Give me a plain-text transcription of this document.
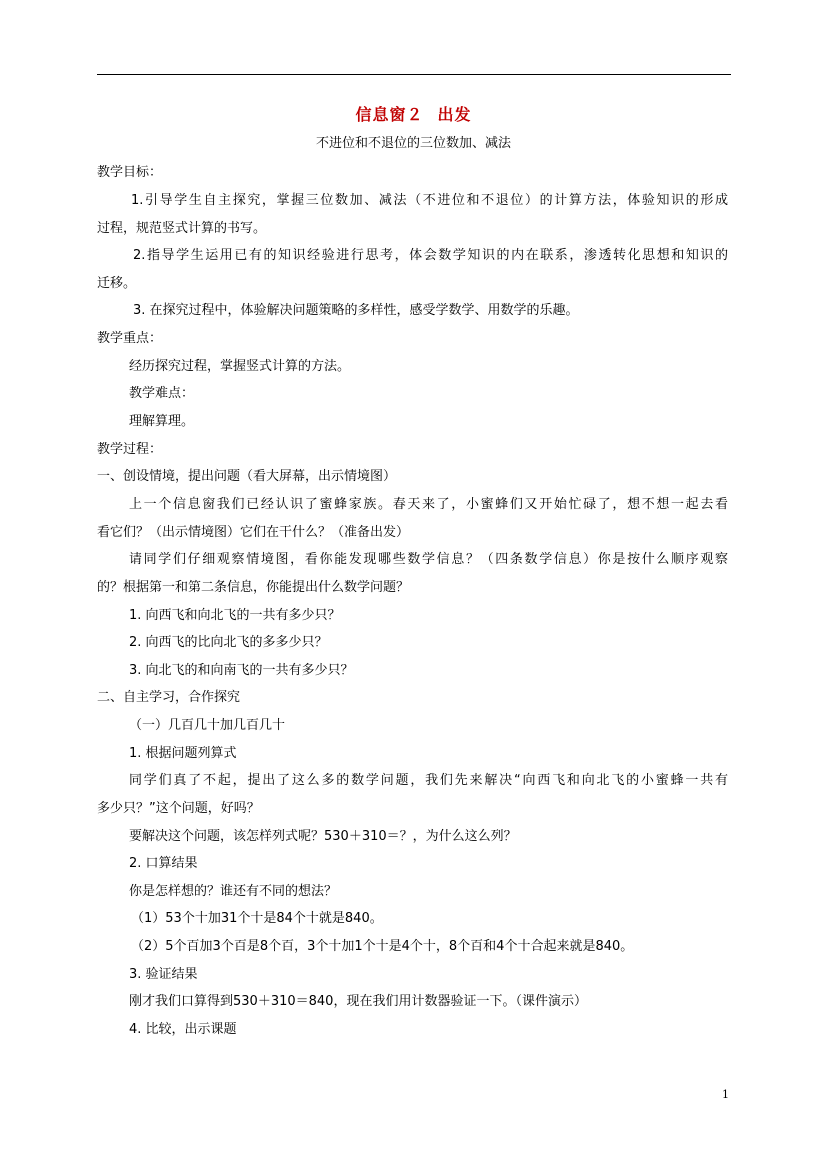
信息窗２ 出发
不进位和不退位的三位数加、减法
教学目标：
1.引导学生自主探究，掌握三位数加、减法（不进位和不退位）的计算方法，体验知识的形成
过程，规范竖式计算的书写。
2.指导学生运用已有的知识经验进行思考，体会数学知识的内在联系，渗透转化思想和知识的
迁移。
3. 在探究过程中，体验解决问题策略的多样性，感受学数学、用数学的乐趣。
教学重点：
经历探究过程，掌握竖式计算的方法。
教学难点：
理解算理。
教学过程：
一、创设情境，提出问题（看大屏幕，出示情境图）
上一个信息窗我们已经认识了蜜蜂家族。春天来了，小蜜蜂们又开始忙碌了，想不想一起去看
看它们？（出示情境图）它们在干什么？（准备出发）
请同学们仔细观察情境图，看你能发现哪些数学信息？（四条数学信息）你是按什么顺序观察
的？根据第一和第二条信息，你能提出什么数学问题？
1. 向西飞和向北飞的一共有多少只？
2. 向西飞的比向北飞的多多少只？
3. 向北飞的和向南飞的一共有多少只？
二、自主学习，合作探究
（一）几百几十加几百几十
1. 根据问题列算式
同学们真了不起，提出了这么多的数学问题，我们先来解决“向西飞和向北飞的小蜜蜂一共有
多少只？”这个问题，好吗？
要解决这个问题，该怎样列式呢？530＋310＝？，为什么这么列？
2. 口算结果
你是怎样想的？谁还有不同的想法？
（1）53个十加31个十是84个十就是840。
（2）5个百加3个百是8个百，3个十加1个十是4个十，8个百和4个十合起来就是840。
3. 验证结果
刚才我们口算得到530＋310＝840，现在我们用计数器验证一下。（课件演示）
4. 比较，出示课题
1
